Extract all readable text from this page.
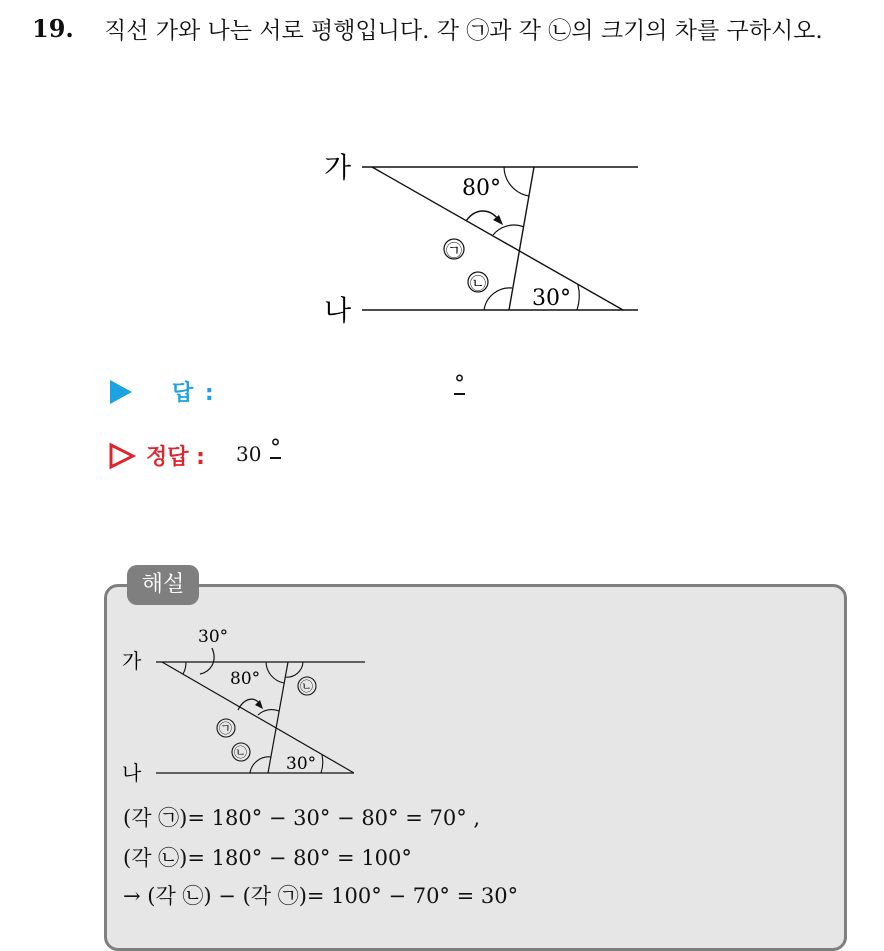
19. 직선 가와 나는 서로 평행입니다. 각 ㉠과 각 ㉡의 크기의 차를 구하시오.
가
나
80°
㉠
㉡
30°
답 :	°
정답 : 30 °
해설
가
나
30°
80°	㉡
㉠
㉡
30°
(각 ㉠)= 180° − 30° − 80° = 70° ,
(각 ㉡)= 180° − 80° = 100°
→ (각 ㉡) − (각 ㉠)= 100° − 70° = 30°
